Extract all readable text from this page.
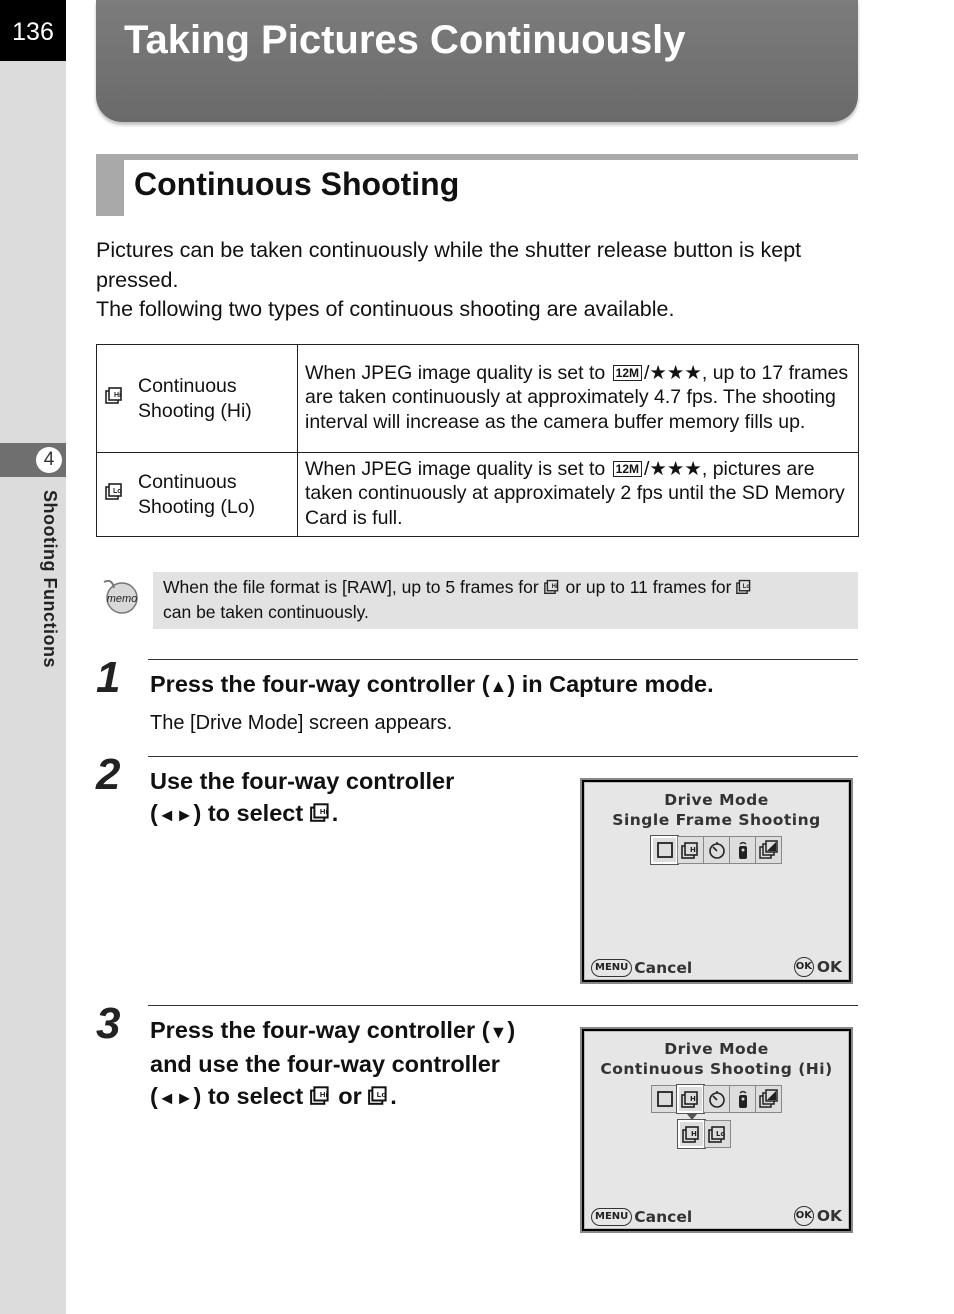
136
4
Shooting Functions
Taking Pictures Continuously
Continuous Shooting
Pictures can be taken continuously while the shutter release button is kept pressed.
The following two types of continuous shooting are available.
Hi Continuous
Shooting (Hi)	When JPEG image quality is set to 12M /★★★, up to 17 frames are taken continuously at approximately 4.7 fps. The shooting interval will increase as the camera buffer memory fills up.

Lo Continuous
Shooting (Lo)	When JPEG image quality is set to 12M /★★★, pictures are taken continuously at approximately 2 fps until the SD Memory Card is full.
memo
When the file format is [RAW], up to 5 frames for Hi or up to 11 frames for Lo

can be taken continuously.
1 Press the four-way controller (▲) in Capture mode.
The [Drive Mode] screen appears.
2 Use the four-way controller
(◄►) to select Hi .	Drive Mode
Single Frame Shooting
Hi
MENU Cancel	OK OK
3 Press the four-way controller (▼)
and use the four-way controller
(◄►) to select Hi or Lo .
Drive Mode
Continuous Shooting (Hi)
Hi
Hi Lo
MENU Cancel	OK OK
